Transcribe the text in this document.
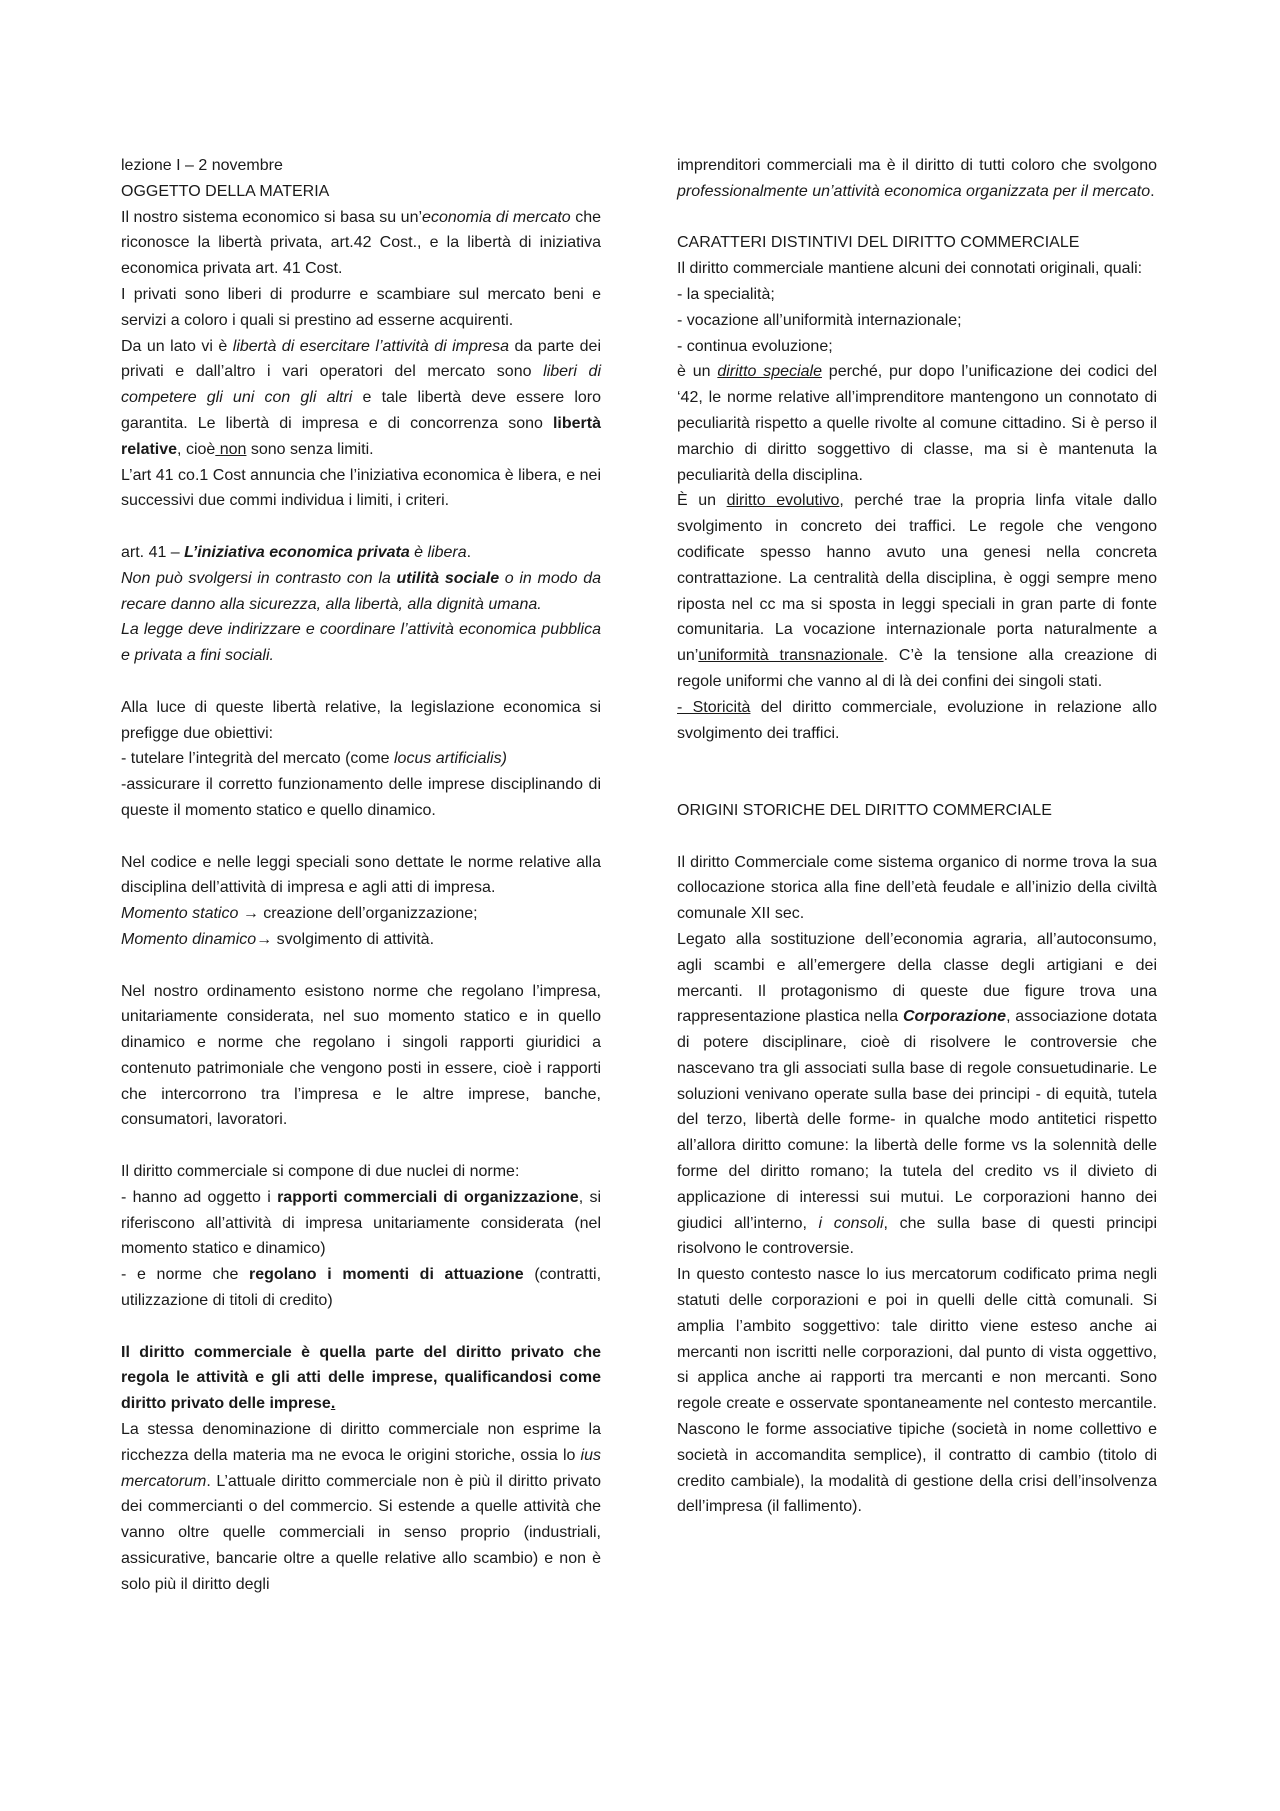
lezione I – 2 novembre

OGGETTO DELLA MATERIA

Il nostro sistema economico si basa su un’economia di mercato che riconosce la libertà privata, art.42 Cost., e la libertà di iniziativa economica privata art. 41 Cost.

I privati sono liberi di produrre e scambiare sul mercato beni e servizi a coloro i quali si prestino ad esserne acquirenti.

Da un lato vi è libertà di esercitare l’attività di impresa da parte dei privati e dall’altro i vari operatori del mercato sono liberi di competere gli uni con gli altri e tale libertà deve essere loro garantita. Le libertà di impresa e di concorrenza sono libertà relative, cioè non sono senza limiti.

L’art 41 co.1 Cost annuncia che l’iniziativa economica è libera, e nei successivi due commi individua i limiti, i criteri.

art. 41 – L’iniziativa economica privata è libera.

Non può svolgersi in contrasto con la utilità sociale o in modo da recare danno alla sicurezza, alla libertà, alla dignità umana.

La legge deve indirizzare e coordinare l’attività economica pubblica e privata a fini sociali.

Alla luce di queste libertà relative, la legislazione economica si prefigge due obiettivi:

- tutelare l’integrità del mercato (come locus artificialis)

-assicurare il corretto funzionamento delle imprese disciplinando di queste il momento statico e quello dinamico.

Nel codice e nelle leggi speciali sono dettate le norme relative alla disciplina dell’attività di impresa e agli atti di impresa.

Momento statico → creazione dell’organizzazione;

Momento dinamico→ svolgimento di attività.

Nel nostro ordinamento esistono norme che regolano l’impresa, unitariamente considerata, nel suo momento statico e in quello dinamico e norme che regolano i singoli rapporti giuridici a contenuto patrimoniale che vengono posti in essere, cioè i rapporti che intercorrono tra l’impresa e le altre imprese, banche, consumatori, lavoratori.

Il diritto commerciale si compone di due nuclei di norme:

- hanno ad oggetto i rapporti commerciali di organizzazione, si riferiscono all’attività di impresa unitariamente considerata (nel momento statico e dinamico)

- e norme che regolano i momenti di attuazione (contratti, utilizzazione di titoli di credito)

Il diritto commerciale è quella parte del diritto privato che regola le attività e gli atti delle imprese, qualificandosi come diritto privato delle imprese.

La stessa denominazione di diritto commerciale non esprime la ricchezza della materia ma ne evoca le origini storiche, ossia lo ius mercatorum. L’attuale diritto commerciale non è più il diritto privato dei commercianti o del commercio. Si estende a quelle attività che vanno oltre quelle commerciali in senso proprio (industriali, assicurative, bancarie oltre a quelle relative allo scambio) e non è solo più il diritto degli

imprenditori commerciali ma è il diritto di tutti coloro che svolgono professionalmente un’attività economica organizzata per il mercato.

CARATTERI DISTINTIVI DEL DIRITTO COMMERCIALE

Il diritto commerciale mantiene alcuni dei connotati originali, quali:

- la specialità;

- vocazione all’uniformità internazionale;

- continua evoluzione;

è un diritto speciale perché, pur dopo l’unificazione dei codici del ‘42, le norme relative all’imprenditore mantengono un connotato di peculiarità rispetto a quelle rivolte al comune cittadino. Si è perso il marchio di diritto soggettivo di classe, ma si è mantenuta la peculiarità della disciplina.

È un diritto evolutivo, perché trae la propria linfa vitale dallo svolgimento in concreto dei traffici. Le regole che vengono codificate spesso hanno avuto una genesi nella concreta contrattazione. La centralità della disciplina, è oggi sempre meno riposta nel cc ma si sposta in leggi speciali in gran parte di fonte comunitaria. La vocazione internazionale porta naturalmente a un’uniformità transnazionale. C’è la tensione alla creazione di regole uniformi che vanno al di là dei confini dei singoli stati.

- Storicità del diritto commerciale, evoluzione in relazione allo svolgimento dei traffici.

ORIGINI STORICHE DEL DIRITTO COMMERCIALE

Il diritto Commerciale come sistema organico di norme trova la sua collocazione storica alla fine dell’età feudale e all’inizio della civiltà comunale XII sec.

Legato alla sostituzione dell’economia agraria, all’autoconsumo, agli scambi e all’emergere della classe degli artigiani e dei mercanti. Il protagonismo di queste due figure trova una rappresentazione plastica nella Corporazione, associazione dotata di potere disciplinare, cioè di risolvere le controversie che nascevano tra gli associati sulla base di regole consuetudinarie. Le soluzioni venivano operate sulla base dei principi - di equità, tutela del terzo, libertà delle forme- in qualche modo antitetici rispetto all’allora diritto comune: la libertà delle forme vs la solennità delle forme del diritto romano; la tutela del credito vs il divieto di applicazione di interessi sui mutui. Le corporazioni hanno dei giudici all’interno, i consoli, che sulla base di questi principi risolvono le controversie.

In questo contesto nasce lo ius mercatorum codificato prima negli statuti delle corporazioni e poi in quelli delle città comunali. Si amplia l’ambito soggettivo: tale diritto viene esteso anche ai mercanti non iscritti nelle corporazioni, dal punto di vista oggettivo, si applica anche ai rapporti tra mercanti e non mercanti. Sono regole create e osservate spontaneamente nel contesto mercantile. Nascono le forme associative tipiche (società in nome collettivo e società in accomandita semplice), il contratto di cambio (titolo di credito cambiale), la modalità di gestione della crisi dell’insolvenza dell’impresa (il fallimento).
